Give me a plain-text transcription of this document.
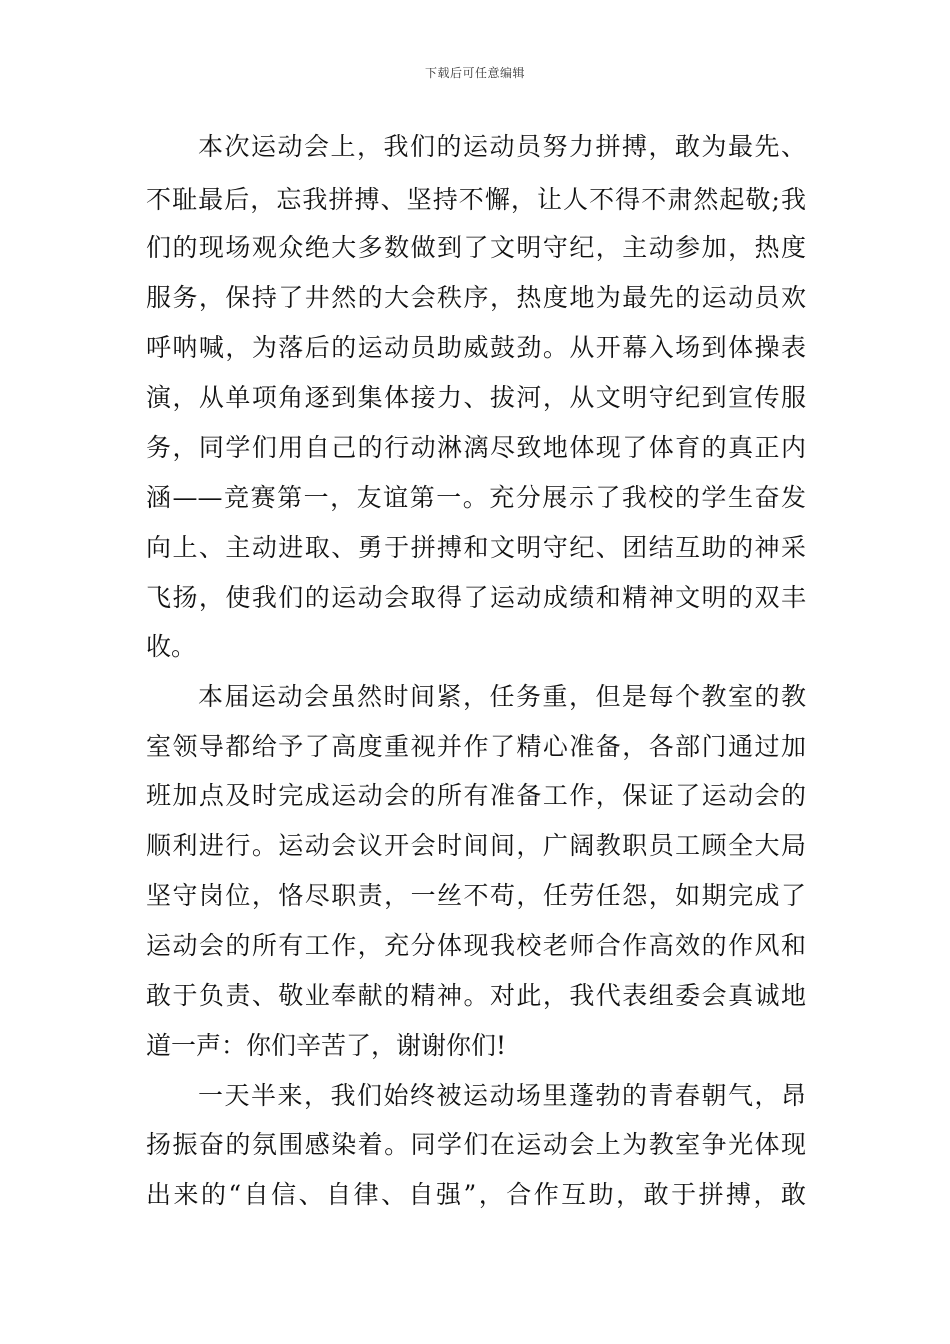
下载后可任意编辑
本次运动会上，我们的运动员努力拼搏，敢为最先、
不耻最后，忘我拼搏、坚持不懈，让人不得不肃然起敬;我
们的现场观众绝大多数做到了文明守纪，主动参加，热度
服务，保持了井然的大会秩序，热度地为最先的运动员欢
呼呐喊，为落后的运动员助威鼓劲。从开幕入场到体操表
演，从单项角逐到集体接力、拔河，从文明守纪到宣传服
务，同学们用自己的行动淋漓尽致地体现了体育的真正内
涵——竞赛第一，友谊第一。充分展示了我校的学生奋发
向上、主动进取、勇于拼搏和文明守纪、团结互助的神采
飞扬，使我们的运动会取得了运动成绩和精神文明的双丰
收。
本届运动会虽然时间紧，任务重，但是每个教室的教
室领导都给予了高度重视并作了精心准备，各部门通过加
班加点及时完成运动会的所有准备工作，保证了运动会的
顺利进行。运动会议开会时间间，广阔教职员工顾全大局
坚守岗位，恪尽职责，一丝不苟，任劳任怨，如期完成了
运动会的所有工作，充分体现我校老师合作高效的作风和
敢于负责、敬业奉献的精神。对此，我代表组委会真诚地
道一声：你们辛苦了，谢谢你们!
一天半来，我们始终被运动场里蓬勃的青春朝气，昂
扬振奋的氛围感染着。同学们在运动会上为教室争光体现
出来的“自信、自律、自强”，合作互助，敢于拼搏，敢
